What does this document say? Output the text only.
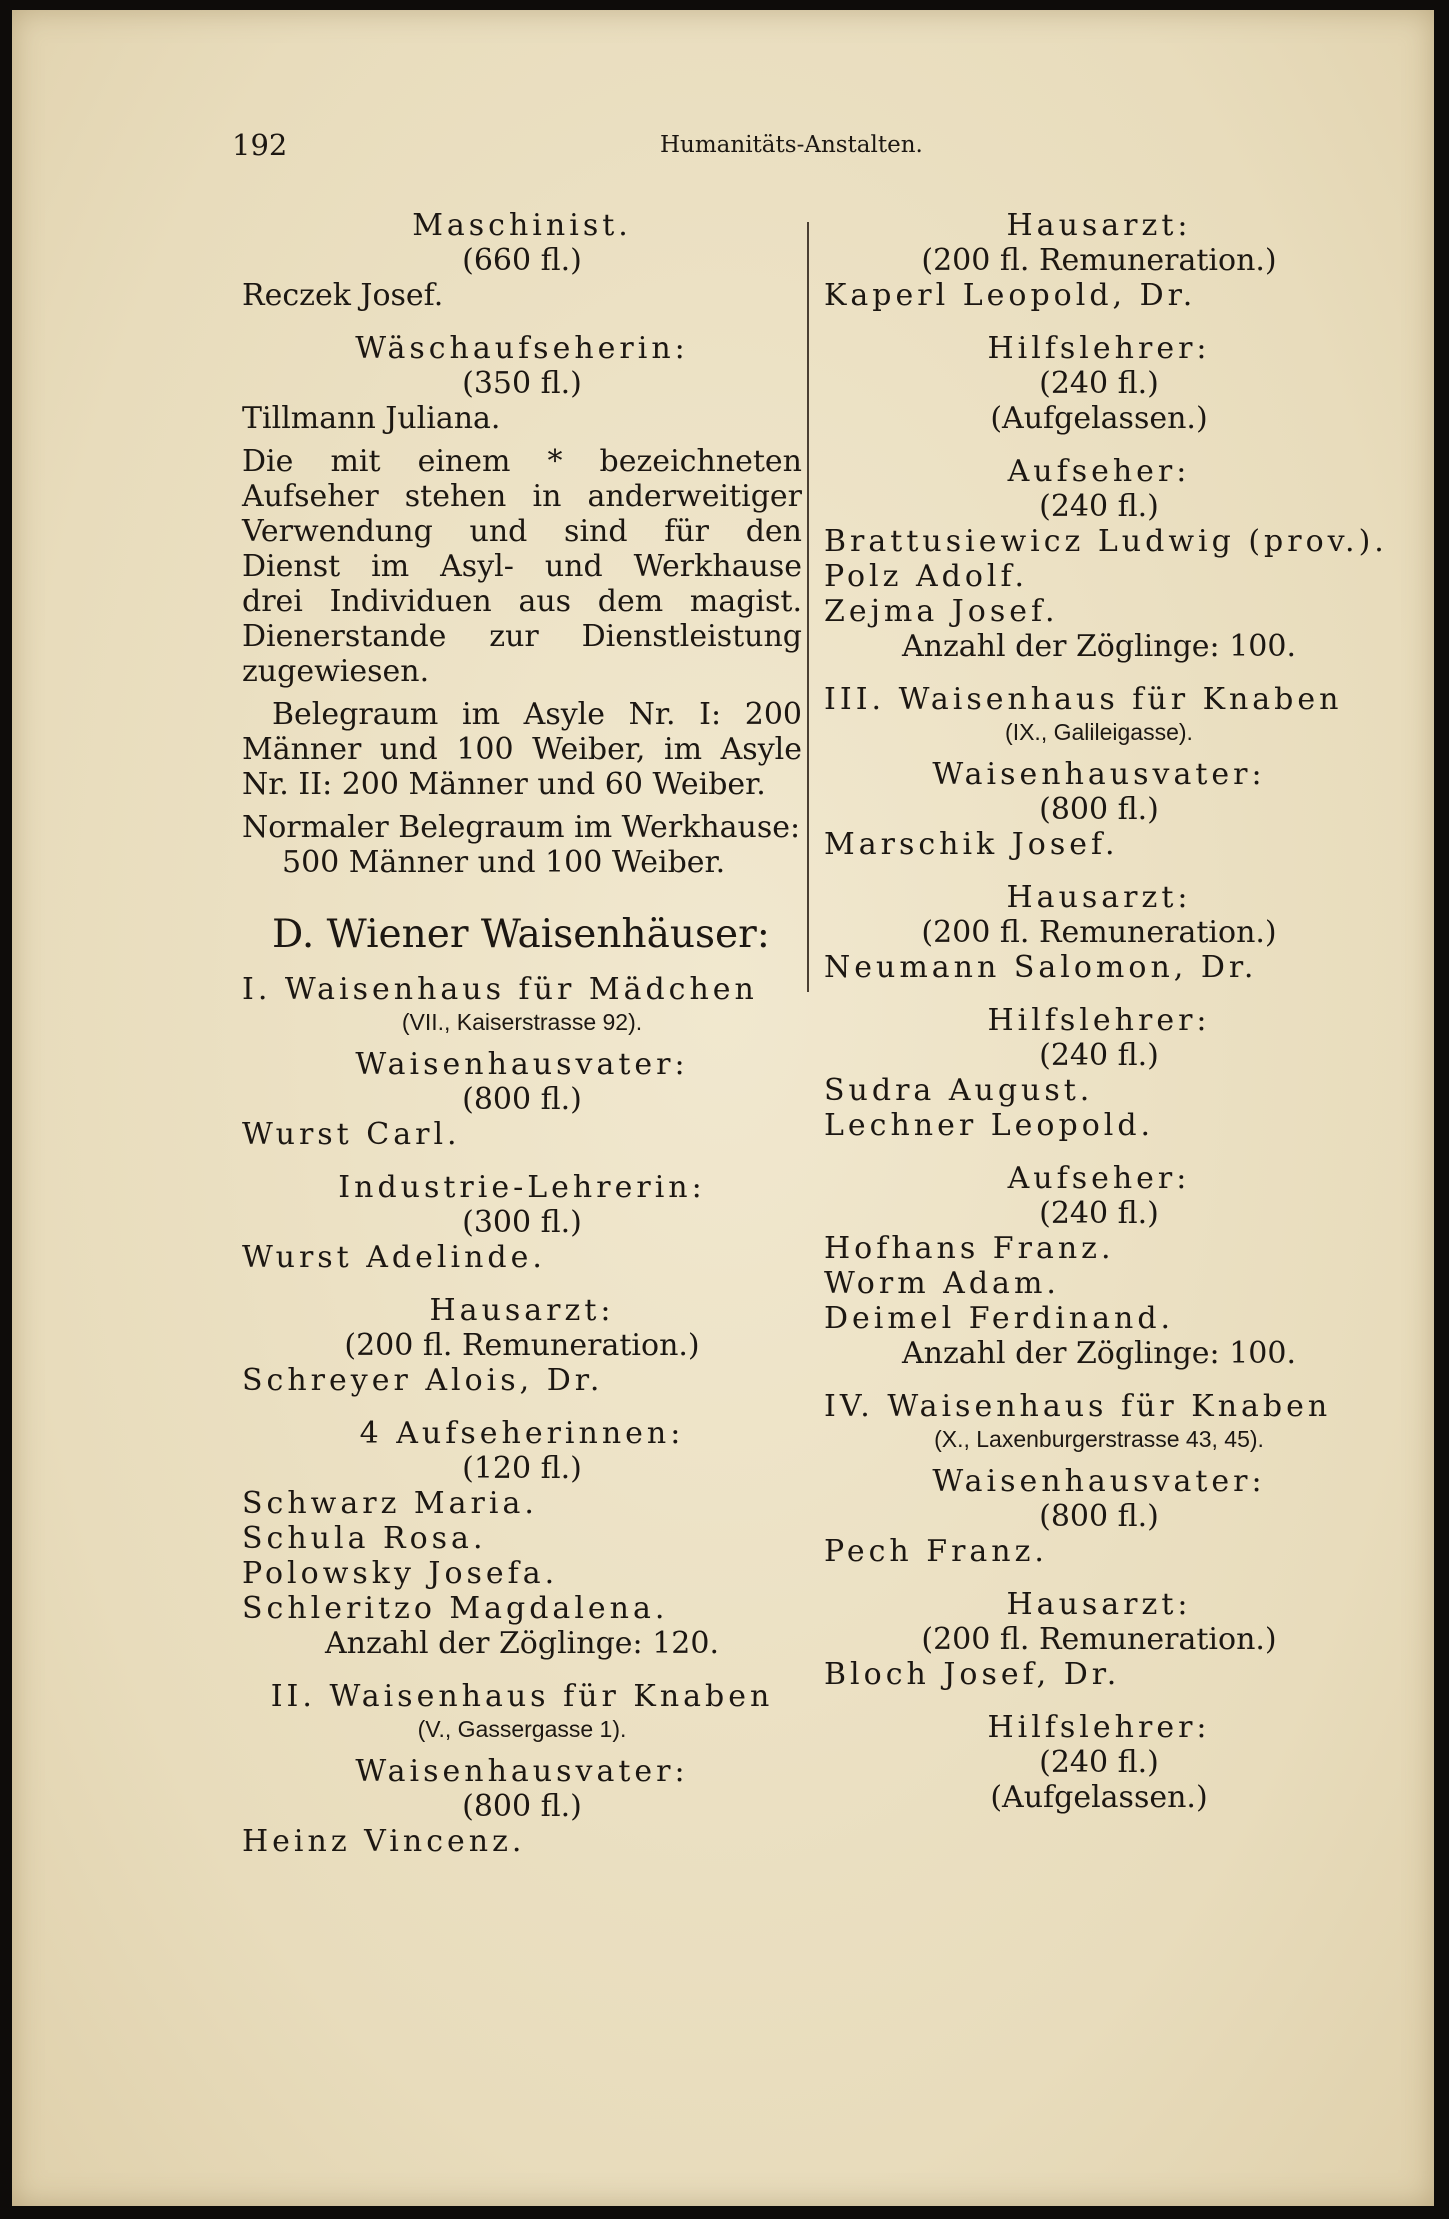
192	Humanitäts-Anstalten.
Maschinist.
(660 fl.)
Reczek Josef.
Wäschaufseherin:
(350 fl.)
Tillmann Juliana.
Die mit einem * bezeichneten
Aufseher stehen in anderweitiger
Verwendung und sind für den
Dienst im Asyl- und Werkhause
drei Individuen aus dem magist.
Dienerstande zur Dienstleistung
zugewiesen.
Belegraum im Asyle Nr. I: 200
Männer und 100 Weiber, im Asyle
Nr. II: 200 Männer und 60 Weiber.
Normaler Belegraum im Werkhause:
500 Männer und 100 Weiber.
D. Wiener Waisenhäuser:
I. Waisenhaus für Mädchen
(VII., Kaiserstrasse 92).
Waisenhausvater:
(800 fl.)
Wurst Carl.
Industrie-Lehrerin:
(300 fl.)
Wurst Adelinde.
Hausarzt:
(200 fl. Remuneration.)
Schreyer Alois, Dr.
4 Aufseherinnen:
(120 fl.)
Schwarz Maria.
Schula Rosa.
Polowsky Josefa.
Schleritzo Magdalena.
Anzahl der Zöglinge: 120.
II. Waisenhaus für Knaben
(V., Gassergasse 1).
Waisenhausvater:
(800 fl.)
Heinz Vincenz.
Hausarzt:
(200 fl. Remuneration.)
Kaperl Leopold, Dr.
Hilfslehrer:
(240 fl.)
(Aufgelassen.)
Aufseher:
(240 fl.)
Brattusiewicz Ludwig (prov.).
Polz Adolf.
Zejma Josef.
Anzahl der Zöglinge: 100.
III. Waisenhaus für Knaben
(IX., Galileigasse).
Waisenhausvater:
(800 fl.)
Marschik Josef.
Hausarzt:
(200 fl. Remuneration.)
Neumann Salomon, Dr.
Hilfslehrer:
(240 fl.)
Sudra August.
Lechner Leopold.
Aufseher:
(240 fl.)
Hofhans Franz.
Worm Adam.
Deimel Ferdinand.
Anzahl der Zöglinge: 100.
IV. Waisenhaus für Knaben
(X., Laxenburgerstrasse 43, 45).
Waisenhausvater:
(800 fl.)
Pech Franz.
Hausarzt:
(200 fl. Remuneration.)
Bloch Josef, Dr.
Hilfslehrer:
(240 fl.)
(Aufgelassen.)
